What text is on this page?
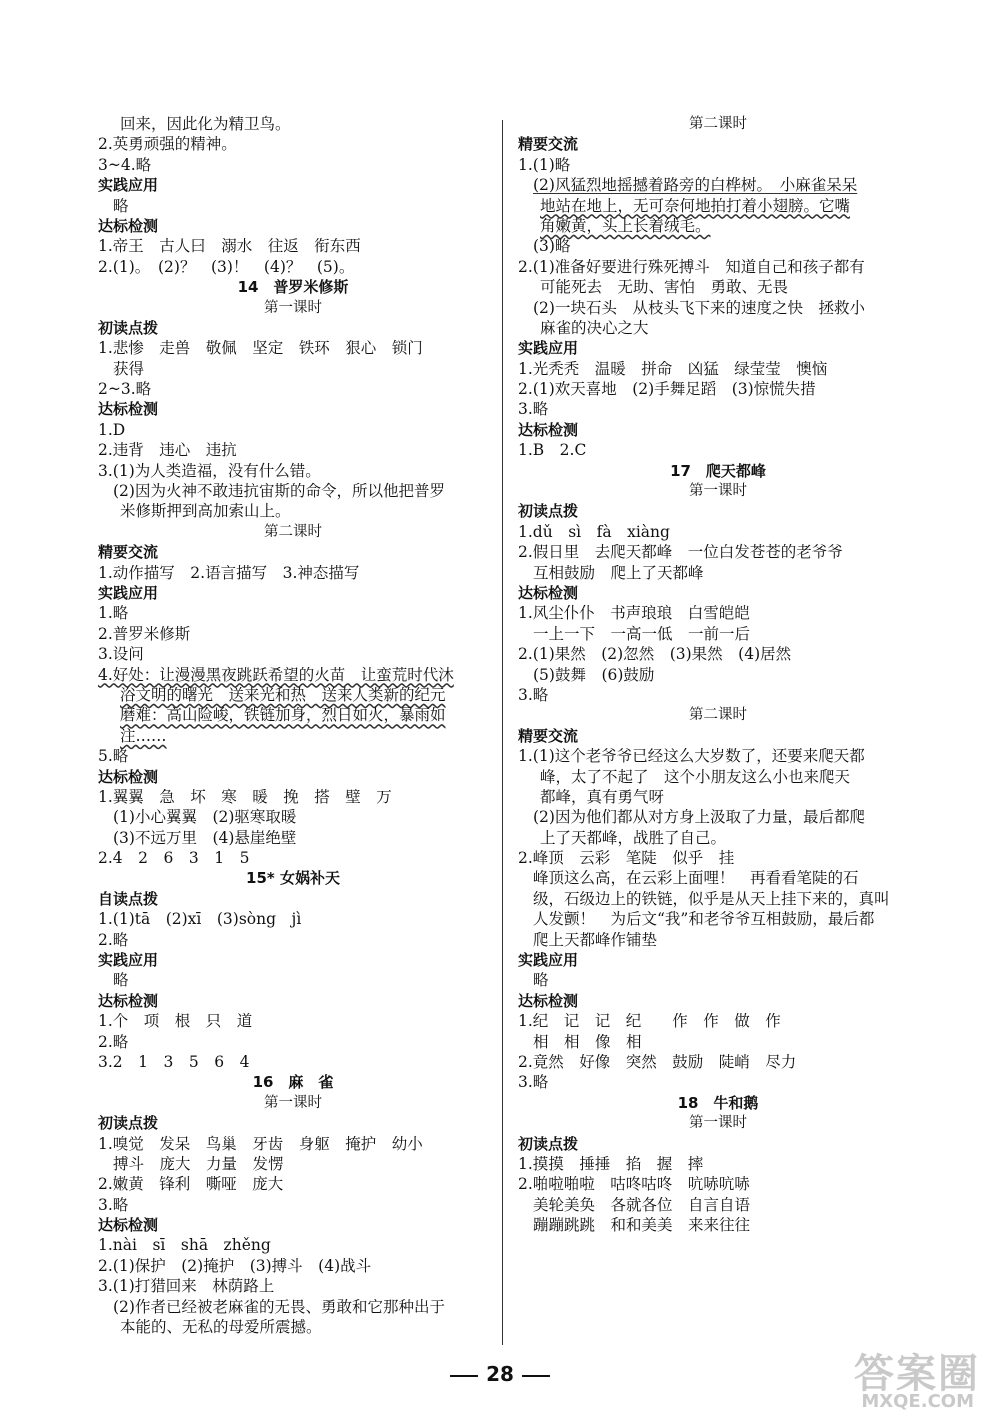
回来，因此化为精卫鸟。
2.英勇顽强的精神。
3~4.略
实践应用
略
达标检测
1.帝王　古人曰　溺水　往返　衔东西
2.(1)。　(2)？　(3)！　(4)？　(5)。
14　普罗米修斯
第一课时
初读点拨
1.悲惨　走兽　敬佩　坚定　铁环　狠心　锁门
获得
2~3.略
达标检测
1.D
2.违背　违心　违抗
3.(1)为人类造福，没有什么错。
(2)因为火神不敢违抗宙斯的命令，所以他把普罗
米修斯押到高加索山上。
第二课时
精要交流
1.动作描写　2.语言描写　3.神态描写
实践应用
1.略
2.普罗米修斯
3.设问
4.好处：让漫漫黑夜跳跃希望的火苗　让蛮荒时代沐
浴文明的曙光　送来光和热　送来人类新的纪元
磨难：高山险峻，铁链加身，烈日如火，暴雨如
注……
5.略
达标检测
1.翼翼　急　坏　寒　暖　挽　搭　壁　万
(1)小心翼翼　(2)驱寒取暖
(3)不远万里　(4)悬崖绝壁
2.4　2　6　3　1　5
15* 女娲补天
自读点拨
1.(1)tā　(2)xī　(3)sòng　jì
2.略
实践应用
略
达标检测
1.个　项　根　只　道
2.略
3.2　1　3　5　6　4
16　麻　雀
第一课时
初读点拨
1.嗅觉　发呆　鸟巢　牙齿　身躯　掩护　幼小
搏斗　庞大　力量　发愣
2.嫩黄　锋利　嘶哑　庞大
3.略
达标检测
1.nài　sī　shā　zhěng
2.(1)保护　(2)掩护　(3)搏斗　(4)战斗
3.(1)打猎回来　林荫路上
(2)作者已经被老麻雀的无畏、勇敢和它那种出于
本能的、无私的母爱所震撼。
第二课时
精要交流
1.(1)略
(2)风猛烈地摇撼着路旁的白桦树。　小麻雀呆呆
地站在地上，无可奈何地拍打着小翅膀。它嘴
角嫩黄，头上长着绒毛。
(3)略
2.(1)准备好要进行殊死搏斗　知道自己和孩子都有
可能死去　无助、害怕　勇敢、无畏
(2)一块石头　从枝头飞下来的速度之快　拯救小
麻雀的决心之大
实践应用
1.光秃秃　温暖　拼命　凶猛　绿莹莹　懊恼
2.(1)欢天喜地　(2)手舞足蹈　(3)惊慌失措
3.略
达标检测
1.B　2.C
17　爬天都峰
第一课时
初读点拨
1.dǔ　sì　fà　xiàng
2.假日里　去爬天都峰　一位白发苍苍的老爷爷
互相鼓励　爬上了天都峰
达标检测
1.风尘仆仆　书声琅琅　白雪皑皑
一上一下　一高一低　一前一后
2.(1)果然　(2)忽然　(3)果然　(4)居然
(5)鼓舞　(6)鼓励
3.略
第二课时
精要交流
1.(1)这个老爷爷已经这么大岁数了，还要来爬天都
峰，太了不起了　这个小朋友这么小也来爬天
都峰，真有勇气呀
(2)因为他们都从对方身上汲取了力量，最后都爬
上了天都峰，战胜了自己。
2.峰顶　云彩　笔陡　似乎　挂
峰顶这么高，在云彩上面哩！　再看看笔陡的石
级，石级边上的铁链，似乎是从天上挂下来的，真叫
人发颤！　为后文“我”和老爷爷互相鼓励，最后都
爬上天都峰作铺垫
实践应用
略
达标检测
1.纪　记　记　纪　　作　作　做　作
相　相　像　相
2.竟然　好像　突然　鼓励　陡峭　尽力
3.略
18　牛和鹅
第一课时
初读点拨
1.摸摸　捶捶　掐　握　摔
2.啪啦啪啦　咕咚咕咚　吭哧吭哧
美轮美奂　各就各位　自言自语
蹦蹦跳跳　和和美美　来来往往
28	答案圈
MXQE.COM
